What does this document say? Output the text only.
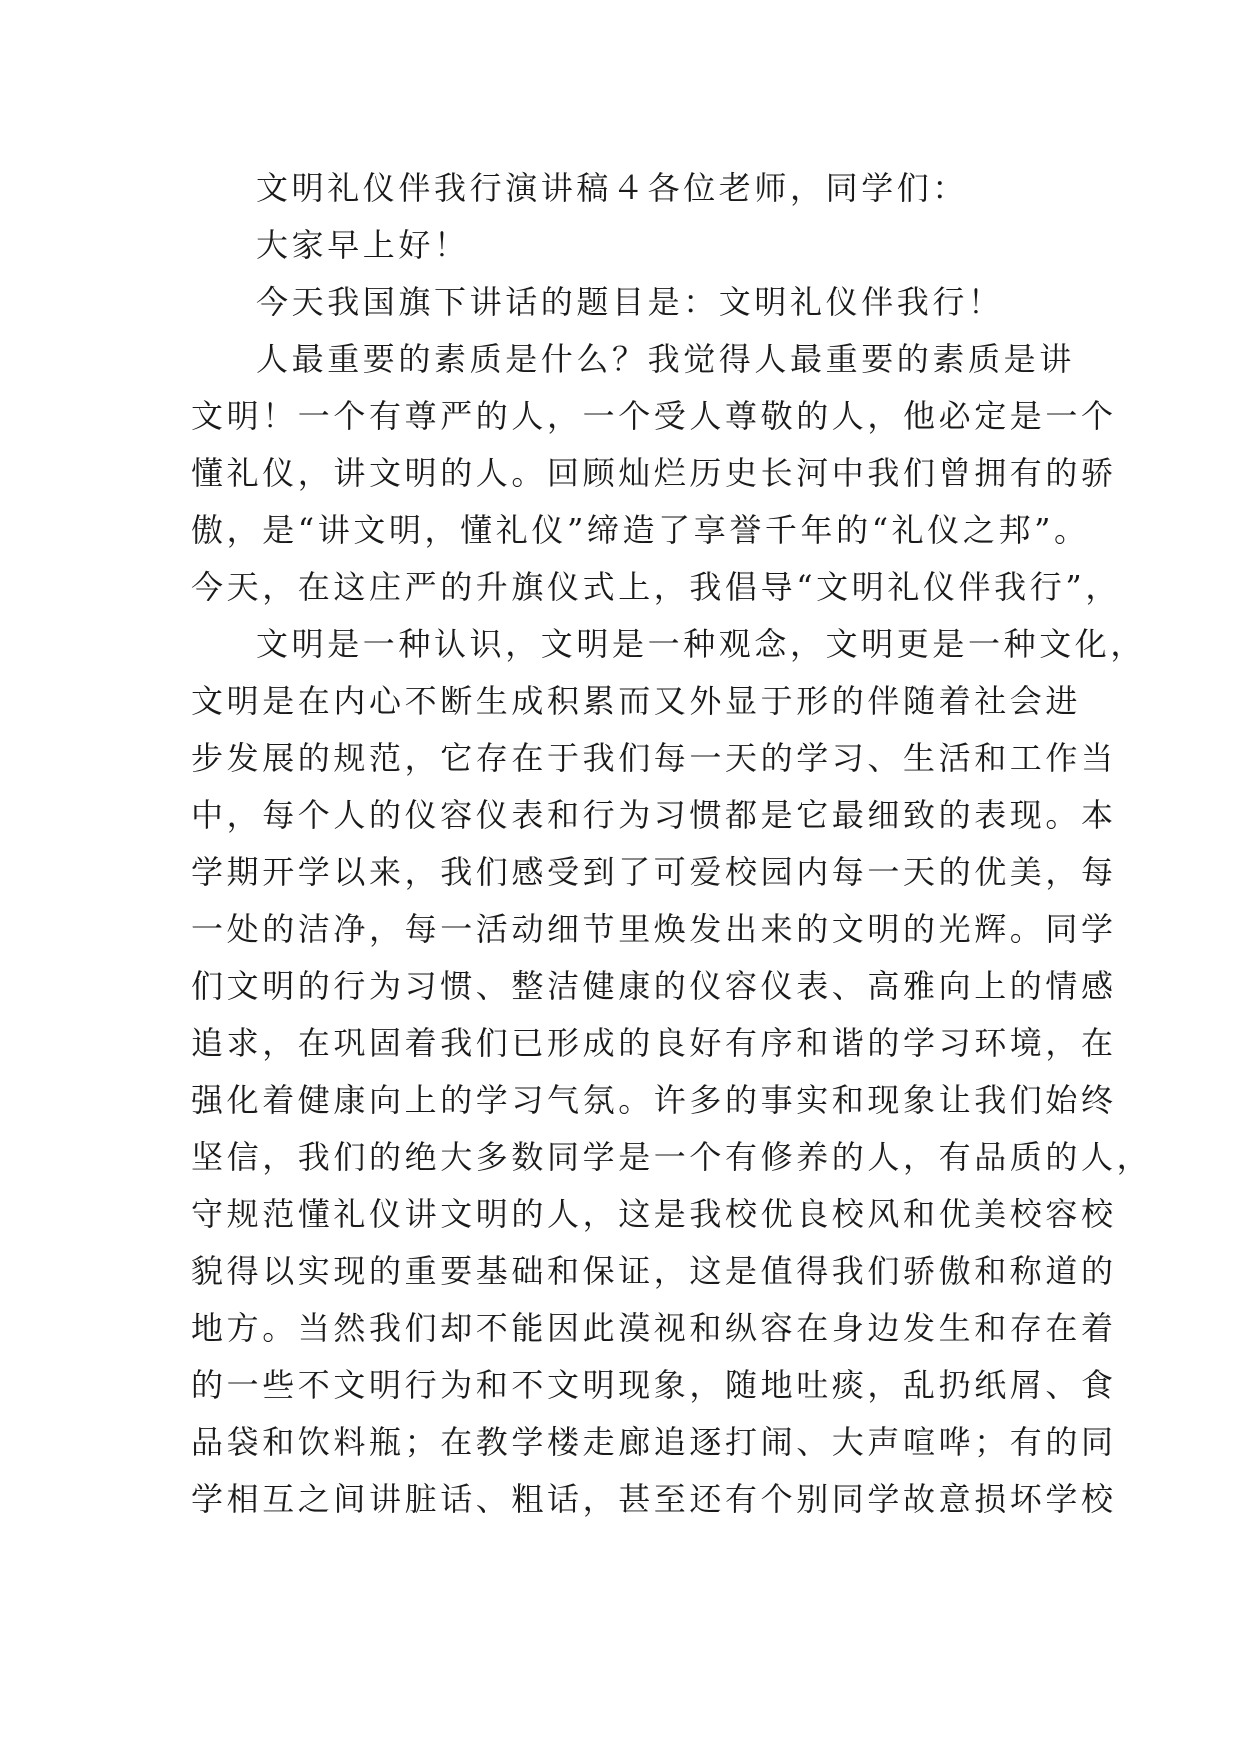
文明礼仪伴我行演讲稿４各位老师，同学们：
大家早上好！
今天我国旗下讲话的题目是：文明礼仪伴我行！
人最重要的素质是什么？我觉得人最重要的素质是讲
文明！一个有尊严的人，一个受人尊敬的人，他必定是一个
懂礼仪，讲文明的人。回顾灿烂历史长河中我们曾拥有的骄
傲，是“讲文明，懂礼仪”缔造了享誉千年的“礼仪之邦”。
今天，在这庄严的升旗仪式上，我倡导“文明礼仪伴我行”，
文明是一种认识，文明是一种观念，文明更是一种文化，
文明是在内心不断生成积累而又外显于形的伴随着社会进
步发展的规范，它存在于我们每一天的学习、生活和工作当
中，每个人的仪容仪表和行为习惯都是它最细致的表现。本
学期开学以来，我们感受到了可爱校园内每一天的优美，每
一处的洁净，每一活动细节里焕发出来的文明的光辉。同学
们文明的行为习惯、整洁健康的仪容仪表、高雅向上的情感
追求，在巩固着我们已形成的良好有序和谐的学习环境，在
强化着健康向上的学习气氛。许多的事实和现象让我们始终
坚信，我们的绝大多数同学是一个有修养的人，有品质的人，
守规范懂礼仪讲文明的人，这是我校优良校风和优美校容校
貌得以实现的重要基础和保证，这是值得我们骄傲和称道的
地方。当然我们却不能因此漠视和纵容在身边发生和存在着
的一些不文明行为和不文明现象，随地吐痰，乱扔纸屑、食
品袋和饮料瓶；在教学楼走廊追逐打闹、大声喧哗；有的同
学相互之间讲脏话、粗话，甚至还有个别同学故意损坏学校
